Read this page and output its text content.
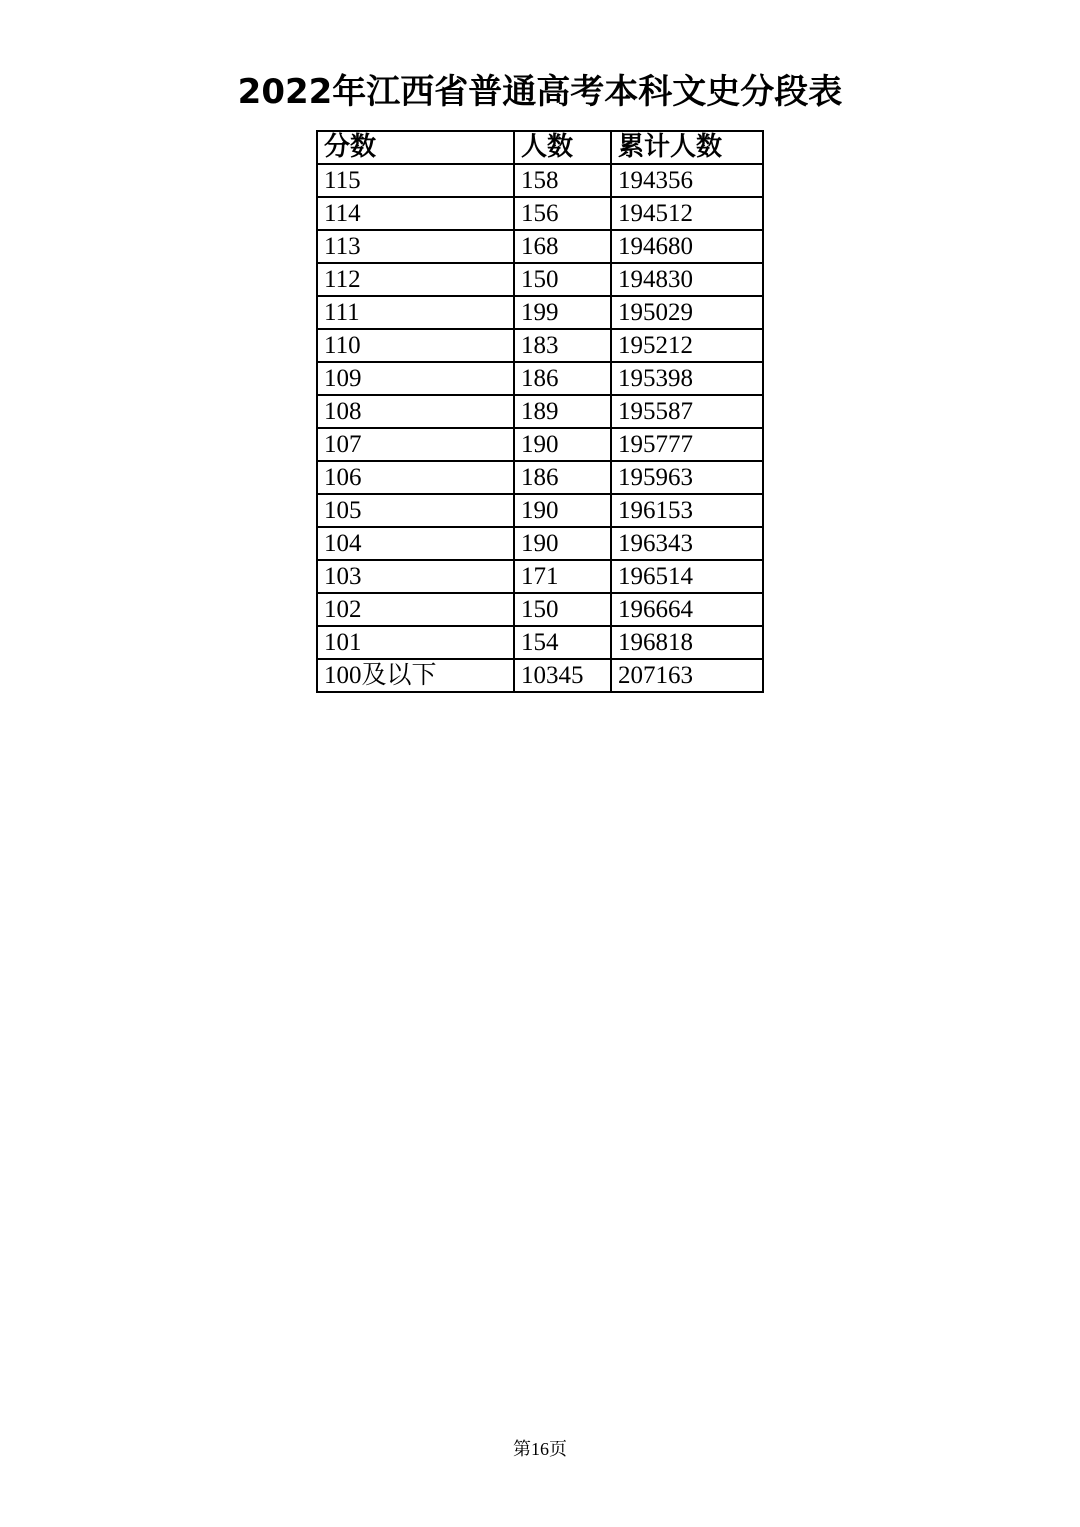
2022年江西省普通高考本科文史分段表
分数	人数	累计人数
115	158	194356
114	156	194512
113	168	194680
112	150	194830
111	199	195029
110	183	195212
109	186	195398
108	189	195587
107	190	195777
106	186	195963
105	190	196153
104	190	196343
103	171	196514
102	150	196664
101	154	196818
100及以下	10345	207163
第16页
